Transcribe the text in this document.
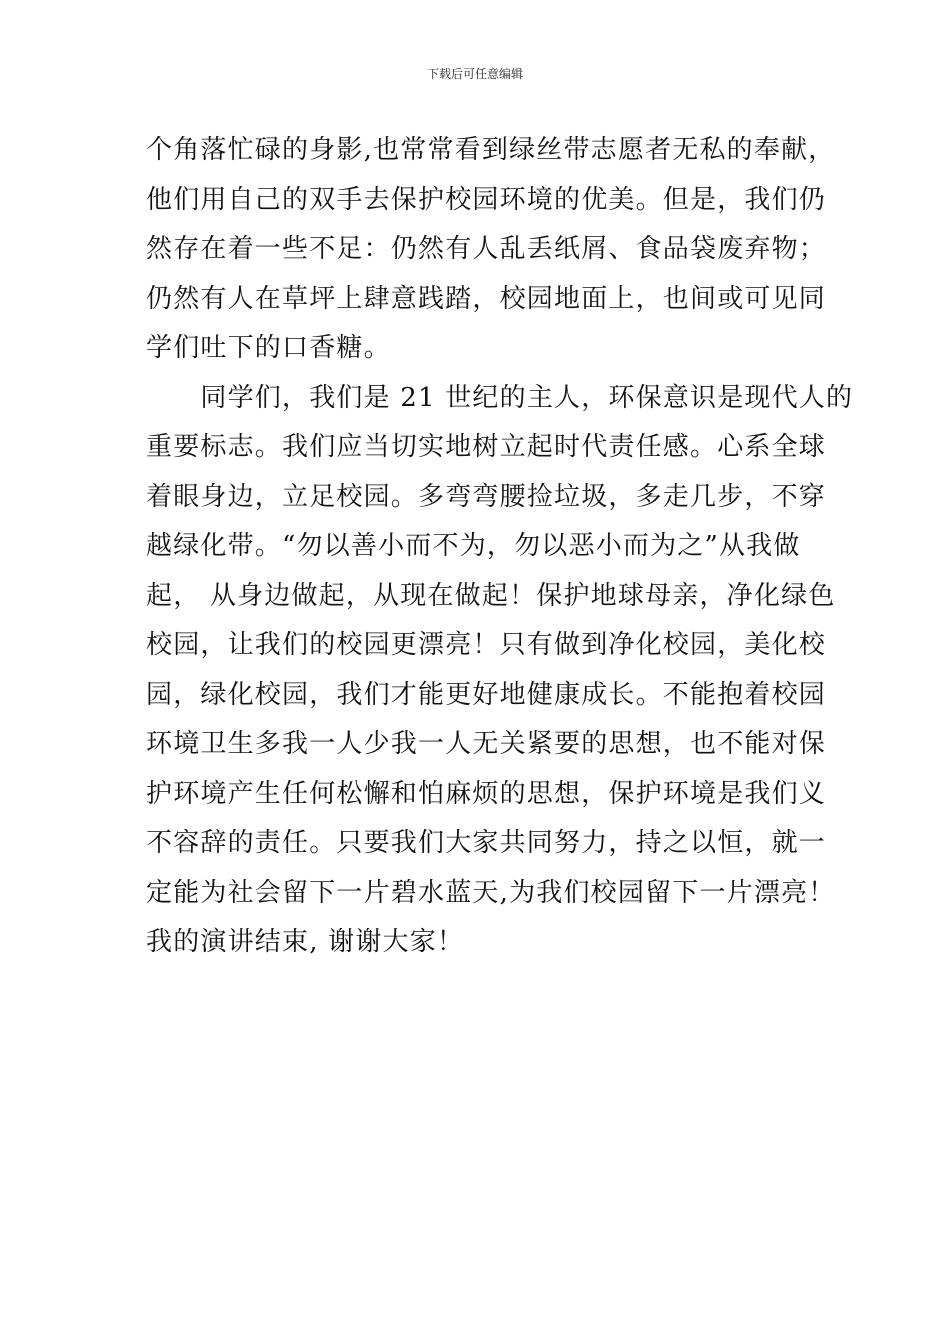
下载后可任意编辑
个角落忙碌的身影,也常常看到绿丝带志愿者无私的奉献，
他们用自己的双手去保护校园环境的优美。但是，我们仍
然存在着一些不足：仍然有人乱丢纸屑、食品袋废弃物；
仍然有人在草坪上肆意践踏，校园地面上，也间或可见同
学们吐下的口香糖。
　　同学们，我们是 21 世纪的主人，环保意识是现代人的
重要标志。我们应当切实地树立起时代责任感。心系全球
着眼身边，立足校园。多弯弯腰捡垃圾，多走几步，不穿
越绿化带。“勿以善小而不为，勿以恶小而为之”从我做
起， 从身边做起，从现在做起！保护地球母亲，净化绿色
校园，让我们的校园更漂亮！只有做到净化校园，美化校
园，绿化校园，我们才能更好地健康成长。不能抱着校园
环境卫生多我一人少我一人无关紧要的思想，也不能对保
护环境产生任何松懈和怕麻烦的思想，保护环境是我们义
不容辞的责任。只要我们大家共同努力，持之以恒，就一
定能为社会留下一片碧水蓝天,为我们校园留下一片漂亮！
我的演讲结束, 谢谢大家！
